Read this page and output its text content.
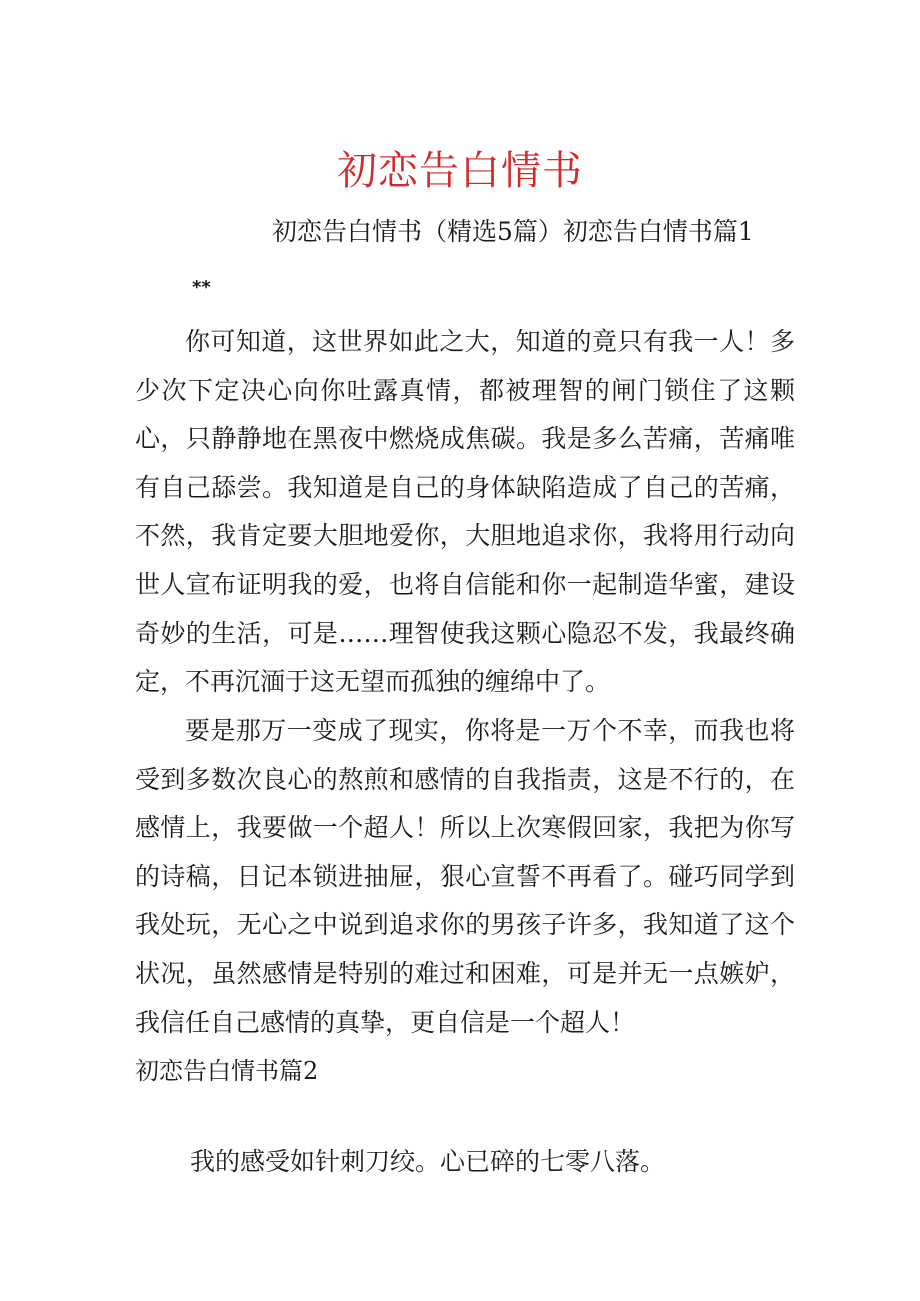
初恋告白情书
初恋告白情书（精选5篇）初恋告白情书篇1
**

你可知道，这世界如此之大，知道的竟只有我一人！多少次下定决心向你吐露真情，都被理智的闸门锁住了这颗心，只静静地在黑夜中燃烧成焦碳。我是多么苦痛，苦痛唯有自己舔尝。我知道是自己的身体缺陷造成了自己的苦痛，不然，我肯定要大胆地爱你，大胆地追求你，我将用行动向世人宣布证明我的爱，也将自信能和你一起制造华蜜，建设奇妙的生活，可是……理智使我这颗心隐忍不发，我最终确定，不再沉湎于这无望而孤独的缠绵中了。

要是那万一变成了现实，你将是一万个不幸，而我也将受到多数次良心的熬煎和感情的自我指责，这是不行的，在感情上，我要做一个超人！所以上次寒假回家，我把为你写的诗稿，日记本锁进抽屉，狠心宣誓不再看了。碰巧同学到我处玩，无心之中说到追求你的男孩子许多，我知道了这个状况，虽然感情是特别的难过和困难，可是并无一点嫉妒，我信任自己感情的真挚，更自信是一个超人！

初恋告白情书篇2

我的感受如针刺刀绞。心已碎的七零八落。
